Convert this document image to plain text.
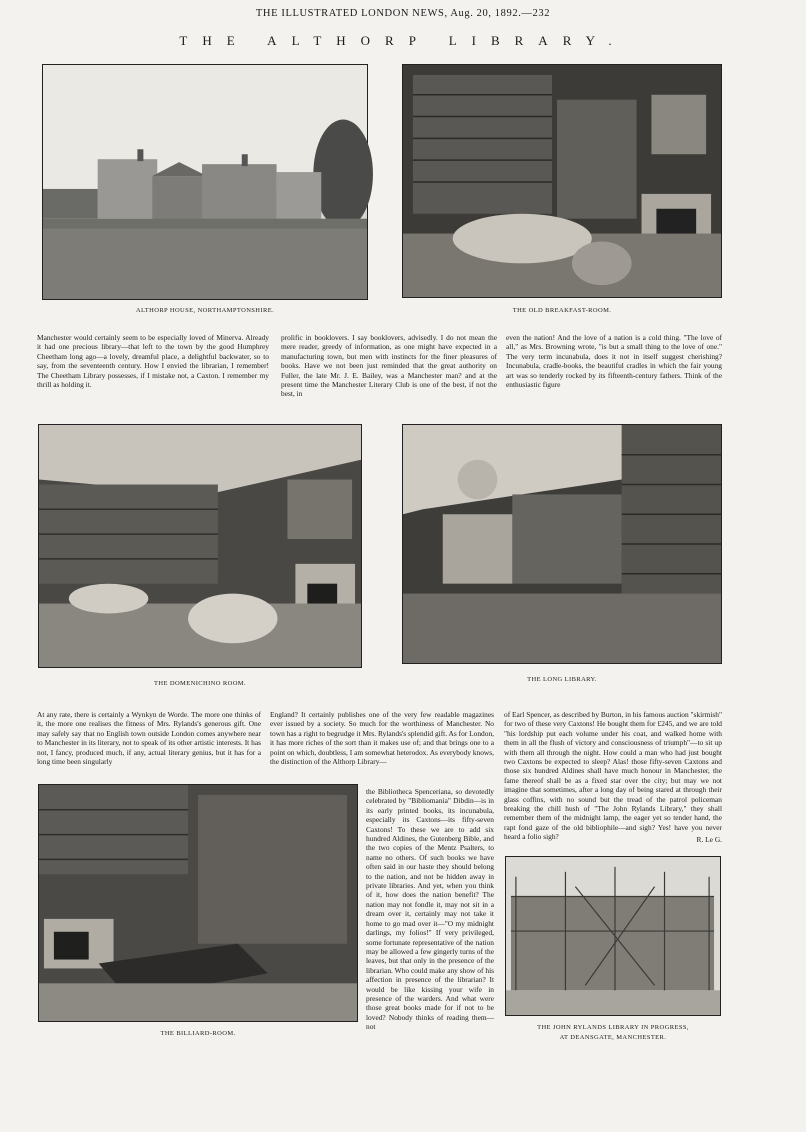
THE ILLUSTRATED LONDON NEWS, Aug. 20, 1892.—232
THE ALTHORP LIBRARY.
ALTHORP HOUSE, NORTHAMPTONSHIRE.	THE OLD BREAKFAST-ROOM.
Manchester would certainly seem to be especially loved of Minerva. Already it had one precious library—that left to the town by the good Humphrey Cheetham long ago—a lovely, dreamful place, a delightful backwater, so to say, from the seventeenth century. How I envied the librarian, I remember! The Cheetham Library possesses, if I mistake not, a Caxton. I remember my thrill as holding it.
prolific in booklovers. I say booklovers, advisedly. I do not mean the mere reader, greedy of information, as one might have expected in a manufacturing town, but men with instincts for the finer pleasures of books. Have we not been just reminded that the great authority on Fuller, the late Mr. J. E. Bailey, was a Manchester man? and at the present time the Manchester Literary Club is one of the best, if not the best, in
even the nation! And the love of a nation is a cold thing. "The love of all," as Mrs. Browning wrote, "is but a small thing to the love of one." The very term incunabula, does it not in itself suggest cherishing? Incunabula, cradle-books, the beautiful cradles in which the fair young art was so tenderly rocked by its fifteenth-century fathers. Think of the enthusiastic figure
THE DOMENICHINO ROOM.
THE LONG LIBRARY.
At any rate, there is certainly a Wynkyn de Worde. The more one thinks of it, the more one realises the fitness of Mrs. Rylands's generous gift. One may safely say that no English town outside London comes anywhere near to Manchester in its literary, not to speak of its other artistic interests. It has not, I fancy, produced much, if any, actual literary genius, but it has for a long time been singularly
England? It certainly publishes one of the very few readable magazines ever issued by a society. So much for the worthiness of Manchester. No town has a right to begrudge it Mrs. Rylands's splendid gift. As for London, it has more riches of the sort than it makes use of; and that brings one to a point on which, doubtless, I am somewhat heterodox. As everybody knows, the distinction of the Althorp Library—
the Bibliotheca Spenceriana, so devotedly celebrated by "Bibliomania" Dibdin—is in its early printed books, its incunabula, especially its Caxtons—its fifty-seven Caxtons! To these we are to add six hundred Aldines, the Gutenberg Bible, and the two copies of the Mentz Psalters, to name no others. Of such books we have often said in our haste they should belong to the nation, and not be hidden away in private libraries. And yet, when you think of it, how does the nation benefit? The nation may not fondle it, may not sit in a dream over it, certainly may not take it home to go mad over it—"O my midnight darlings, my folios!" If very privileged, some fortunate representative of the nation may be allowed a few gingerly turns of the leaves, but that only in the presence of the librarian. Who could make any show of his affection in presence of the librarian? It would be like kissing your wife in presence of the warders. And what were those great books made for if not to be loved? Nobody thinks of reading them—not
of Earl Spencer, as described by Burton, in his famous auction "skirmish" for two of these very Caxtons! He bought them for £245, and we are told "his lordship put each volume under his coat, and walked home with them in all the flush of victory and consciousness of triumph"—to sit up with them all through the night. How could a man who had just bought two Caxtons be expected to sleep? Alas! those fifty-seven Caxtons and those six hundred Aldines shall have much honour in Manchester, the fame thereof shall be as a fixed star over the city; but may we not imagine that sometimes, after a long day of being stared at through their glass coffins, with no sound but the tread of the patrol policeman breaking the chill hush of "The John Rylands Library," they shall remember them of the midnight lamp, the eager yet so tender hand, the rapt fond gaze of the old bibliophile—and sigh? Yes! have you never heard a folio sigh?	R. Le G.
THE BILLIARD-ROOM.
THE JOHN RYLANDS LIBRARY IN PROGRESS,
AT DEANSGATE, MANCHESTER.
